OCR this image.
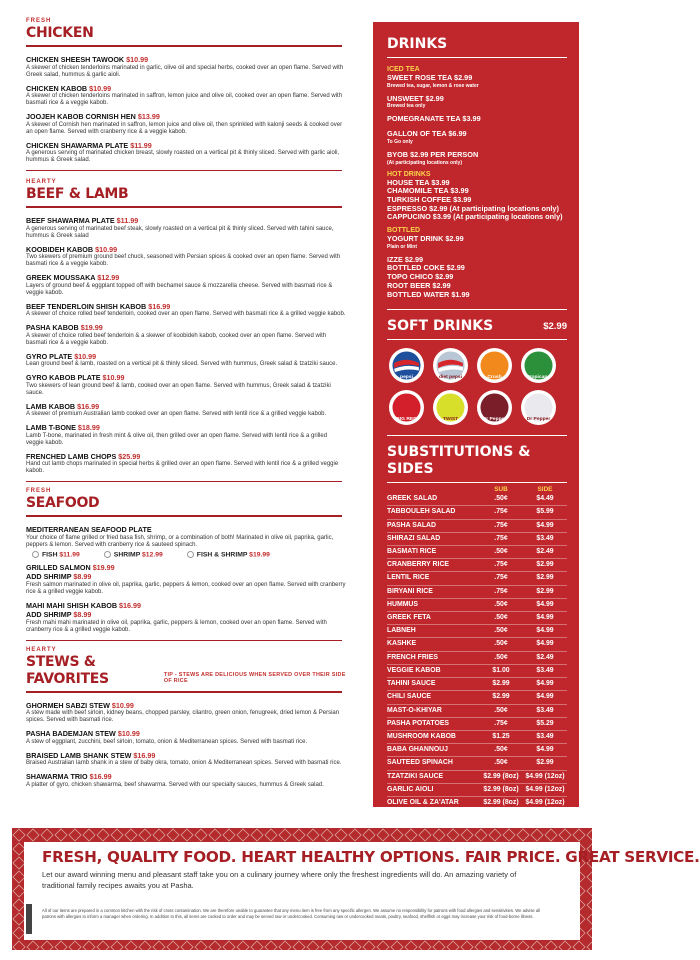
FRESH
CHICKEN
CHICKEN SHEESH TAWOOK $10.99
A skewer of chicken tenderloins marinated in garlic, olive oil and special herbs, cooked over an open flame. Served with Greek salad, hummus & garlic aioli.
CHICKEN KABOB $10.99
A skewer of chicken tenderloins marinated in saffron, lemon juice and olive oil, cooked over an open flame. Served with basmati rice & a veggie kabob.
JOOJEH KABOB CORNISH HEN $13.99
A skewer of Cornish hen marinated in saffron, lemon juice and olive oil, then sprinkled with kalonji seeds & cooked over an open flame. Served with cranberry rice & a veggie kabob.
CHICKEN SHAWARMA PLATE $11.99
A generous serving of marinated chicken breast, slowly roasted on a vertical pit & thinly sliced. Served with garlic aioli, hummus & Greek salad.
HEARTY
BEEF & LAMB
BEEF SHAWARMA PLATE $11.99
A generous serving of marinated beef steak, slowly roasted on a vertical pit & thinly sliced. Served with tahini sauce, hummus & Greek salad
KOOBIDEH KABOB $10.99
Two skewers of premium ground beef chuck, seasoned with Persian spices & cooked over an open flame. Served with basmati rice & a veggie kabob.
GREEK MOUSSAKA $12.99
Layers of ground beef & eggplant topped off with bechamel sauce & mozzarella cheese. Served with basmati rice & veggie kabob.
BEEF TENDERLOIN SHISH KABOB $16.99
A skewer of choice rolled beef tenderloin, cooked over an open flame. Served with basmati rice & a grilled veggie kabob.
PASHA KABOB $19.99
A skewer of choice rolled beef tenderloin & a skewer of koobideh kabob, cooked over an open flame. Served with basmati rice & a veggie kabob.
GYRO PLATE $10.99
Lean ground beef & lamb, roasted on a vertical pit & thinly sliced. Served with hummus, Greek salad & tzatziki sauce.
GYRO KABOB PLATE $10.99
Two skewers of lean ground beef & lamb, cooked over an open flame. Served with hummus, Greek salad & tzatziki sauce.
LAMB KABOB $16.99
A skewer of premium Australian lamb cooked over an open flame. Served with lentil rice & a grilled veggie kabob.
LAMB T-BONE $18.99
Lamb T-bone, marinated in fresh mint & olive oil, then grilled over an open flame. Served with lentil rice & a grilled veggie kabob.
FRENCHED LAMB CHOPS $25.99
Hand cut lamb chops marinated in special herbs & grilled over an open flame. Served with lentil rice & a grilled veggie kabob.
FRESH
SEAFOOD
MEDITERRANEAN SEAFOOD PLATE
Your choice of flame grilled or fried basa fish, shrimp, or a combination of both! Marinated in olive oil, paprika, garlic, peppers & lemon. Served with cranberry rice & sauteed spinach.
FISH $11.99	SHRIMP $12.99	FISH & SHRIMP $19.99
GRILLED SALMON $19.99
ADD SHRIMP $8.99
Fresh salmon marinated in olive oil, paprika, garlic, peppers & lemon, cooked over an open flame. Served with cranberry rice & a grilled veggie kabob.
MAHI MAHI SHISH KABOB $16.99
ADD SHRIMP $8.99
Fresh mahi mahi marinated in olive oil, paprika, garlic, peppers & lemon, cooked over an open flame. Served with cranberry rice & a grilled veggie kabob.
HEARTY
STEWS & FAVORITES	TIP - STEWS ARE DELICIOUS WHEN SERVED OVER THEIR SIDE OF RICE
GHORMEH SABZI STEW $10.99
A stew made with beef sirloin, kidney beans, chopped parsley, cilantro, green onion, fenugreek, dried lemon & Persian spices. Served with basmati rice.
PASHA BADEMJAN STEW $10.99
A stew of eggplant, zucchini, beef sirloin, tomato, onion & Mediterranean spices. Served with basmati rice.
BRAISED LAMB SHANK STEW $16.99
Braised Australian lamb shank in a stew of baby okra, tomato, onion & Mediterranean spices. Served with basmati rice.
SHAWARMA TRIO $16.99
A platter of gyro, chicken shawarma, beef shawarma. Served with our specialty sauces, hummus & Greek salad.
DRINKS
ICED TEA
SWEET ROSE TEA $2.99
Brewed tea, sugar, lemon & rose water
UNSWEET $2.99
Brewed tea only
POMEGRANATE TEA $3.99
GALLON OF TEA $6.99
To Go only
BYOB $2.99 PER PERSON
(At participating locations only)
HOT DRINKS
HOUSE TEA $3.99
CHAMOMILE TEA $3.99
TURKISH COFFEE $3.99
ESPRESSO $2.99 (At participating locations only)
CAPPUCINO $3.99 (At participating locations only)
BOTTLED
YOGURT DRINK $2.99
Plain or Mint
IZZE $2.99
BOTTLED COKE $2.99
TOPO CHICO $2.99
ROOT BEER $2.99
BOTTLED WATER $1.99
SOFT DRINKS	$2.99
pepsi	diet pepsi	Crush	Tropicana
BIG RED	TWIST	Dr Pepper	Dr Pepper
SUBSTITUTIONS & SIDES
SUB	SIDE
GREEK SALAD	.50¢	$4.49
TABBOULEH SALAD	.75¢	$5.99
PASHA SALAD	.75¢	$4.99
SHIRAZI SALAD	.75¢	$3.49
BASMATI RICE	.50¢	$2.49
CRANBERRY RICE	.75¢	$2.99
LENTIL RICE	.75¢	$2.99
BIRYANI RICE	.75¢	$2.99
HUMMUS	.50¢	$4.99
GREEK FETA	.50¢	$4.99
LABNEH	.50¢	$4.99
KASHKE	.50¢	$4.99
FRENCH FRIES	.50¢	$2.49
VEGGIE KABOB	$1.00	$3.49
TAHINI SAUCE	$2.99	$4.99
CHILI SAUCE	$2.99	$4.99
MAST-O-KHIYAR	.50¢	$3.49
PASHA POTATOES	.75¢	$5.29
MUSHROOM KABOB	$1.25	$3.49
BABA GHANNOUJ	.50¢	$4.99
SAUTEED SPINACH	.50¢	$2.99
TZATZIKI SAUCE	$2.99 (8oz) $4.99 (12oz)
GARLIC AIOLI	$2.99 (8oz) $4.99 (12oz)
OLIVE OIL & ZA'ATAR	$2.99 (8oz) $4.99 (12oz)
FRESH, QUALITY FOOD. HEART HEALTHY OPTIONS. FAIR PRICE. GREAT SERVICE.
Let our award winning menu and pleasant staff take you on a culinary journey where only the freshest ingredients will do. An amazing variety of traditional family recipes awaits you at Pasha.
All of our items are prepared in a common kitchen with the risk of cross contamination. We are therefore unable to guarantee that any menu item is free from any specific allergen. We assume no responsibility for patrons with food allergies and sensitivities. We advise all patrons with allergies to inform a manager when ordering. In addition to this, all items are cooked to order and may be served raw or undercooked. Consuming raw or undercooked meats, poultry, seafood, shellfish or eggs may increase your risk of food-borne illness.
